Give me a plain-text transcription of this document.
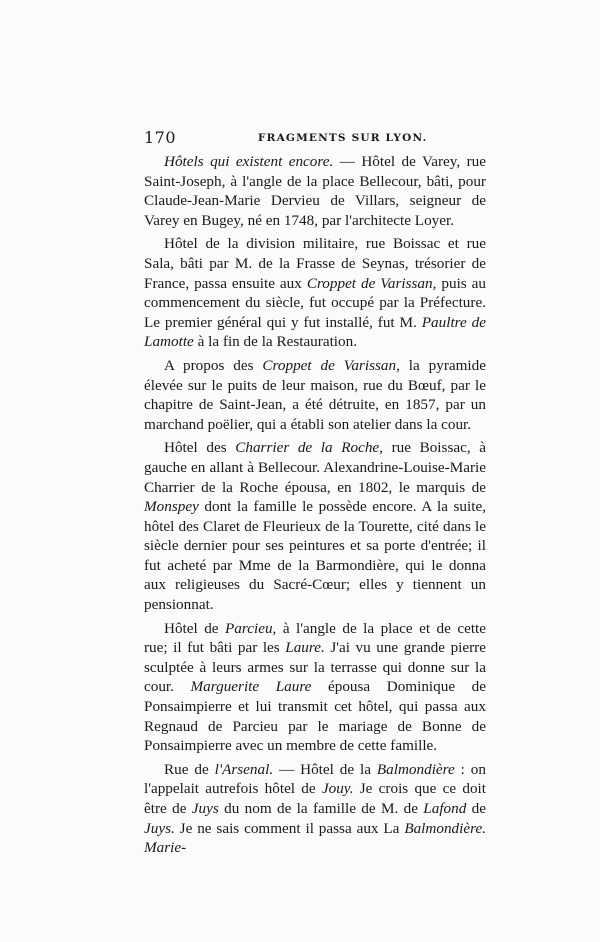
170	FRAGMENTS SUR LYON.

Hôtels qui existent encore. — Hôtel de Varey, rue Saint-Joseph, à l'angle de la place Bellecour, bâti, pour Claude-Jean-Marie Dervieu de Villars, seigneur de Varey en Bugey, né en 1748, par l'architecte Loyer.

Hôtel de la division militaire, rue Boissac et rue Sala, bâti par M. de la Frasse de Seynas, trésorier de France, passa ensuite aux Croppet de Varissan, puis au commencement du siècle, fut occupé par la Préfecture. Le premier général qui y fut installé, fut M. Paultre de Lamotte à la fin de la Restauration.

A propos des Croppet de Varissan, la pyramide élevée sur le puits de leur maison, rue du Bœuf, par le chapitre de Saint-Jean, a été détruite, en 1857, par un marchand poëlier, qui a établi son atelier dans la cour.

Hôtel des Charrier de la Roche, rue Boissac, à gauche en allant à Bellecour. Alexandrine-Louise-Marie Charrier de la Roche épousa, en 1802, le marquis de Monspey dont la famille le possède encore. A la suite, hôtel des Claret de Fleurieux de la Tourette, cité dans le siècle dernier pour ses peintures et sa porte d'entrée; il fut acheté par Mme de la Barmondière, qui le donna aux religieuses du Sacré-Cœur; elles y tiennent un pensionnat.

Hôtel de Parcieu, à l'angle de la place et de cette rue; il fut bâti par les Laure. J'ai vu une grande pierre sculptée à leurs armes sur la terrasse qui donne sur la cour. Marguerite Laure épousa Dominique de Ponsaimpierre et lui transmit cet hôtel, qui passa aux Regnaud de Parcieu par le mariage de Bonne de Ponsaimpierre avec un membre de cette famille.

Rue de l'Arsenal. — Hôtel de la Balmondière : on l'appelait autrefois hôtel de Jouy. Je crois que ce doit être de Juys du nom de la famille de M. de Lafond de Juys. Je ne sais comment il passa aux La Balmondière. Marie-
